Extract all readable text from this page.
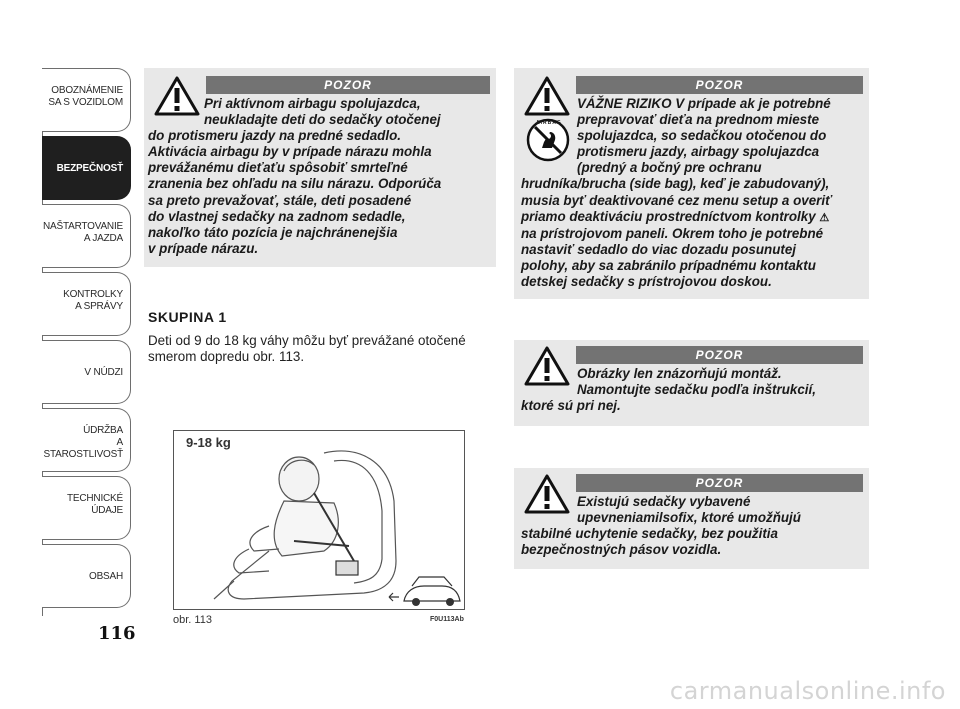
OBOZNÁMENIE
SA S VOZIDLOM
BEZPEČNOSŤ
NAŠTARTOVANIE
A JAZDA
KONTROLKY
A SPRÁVY
V NÚDZI
ÚDRŽBA
A STAROSTLIVOSŤ
TECHNICKÉ
ÚDAJE
OBSAH
116
POZOR
Pri aktívnom airbagu spolujazdca,
neukladajte deti do sedačky otočenej
do protismeru jazdy na predné sedadlo.
Aktivácia airbagu by v prípade nárazu mohla
prevážanému dieťaťu spôsobiť smrteľné
zranenia bez ohľadu na silu nárazu. Odporúča
sa preto prevažovať, stále, deti posadené
do vlastnej sedačky na zadnom sedadle,
nakoľko táto pozícia je najchránenejšia
v prípade nárazu.
SKUPINA 1
Deti od 9 do 18 kg váhy môžu byť prevážané otočené
smerom dopredu obr. 113.
9-18 kg
obr. 113	F0U113Ab
POZOR
AIRBAG
VÁŽNE RIZIKO V prípade ak je potrebné
prepravovať dieťa na prednom mieste
spolujazdca, so sedačkou otočenou do
protismeru jazdy, airbagy spolujazdca
(predný a bočný pre ochranu
hrudníka/brucha (side bag), keď je zabudovaný),
musia byť deaktivované cez menu setup a overiť
priamo deaktiváciu prostredníctvom kontrolky ⚠
na prístrojovom paneli. Okrem toho je potrebné
nastaviť sedadlo do viac dozadu posunutej
polohy, aby sa zabránilo prípadnému kontaktu
detskej sedačky s prístrojovou doskou.
POZOR
Obrázky len znázorňujú montáž.
Namontujte sedačku podľa inštrukcií,
ktoré sú pri nej.
POZOR
Existujú sedačky vybavené
upevneniamilsofix, ktoré umožňujú
stabilné uchytenie sedačky, bez použitia
bezpečnostných pásov vozidla.
carmanualsonline.info
